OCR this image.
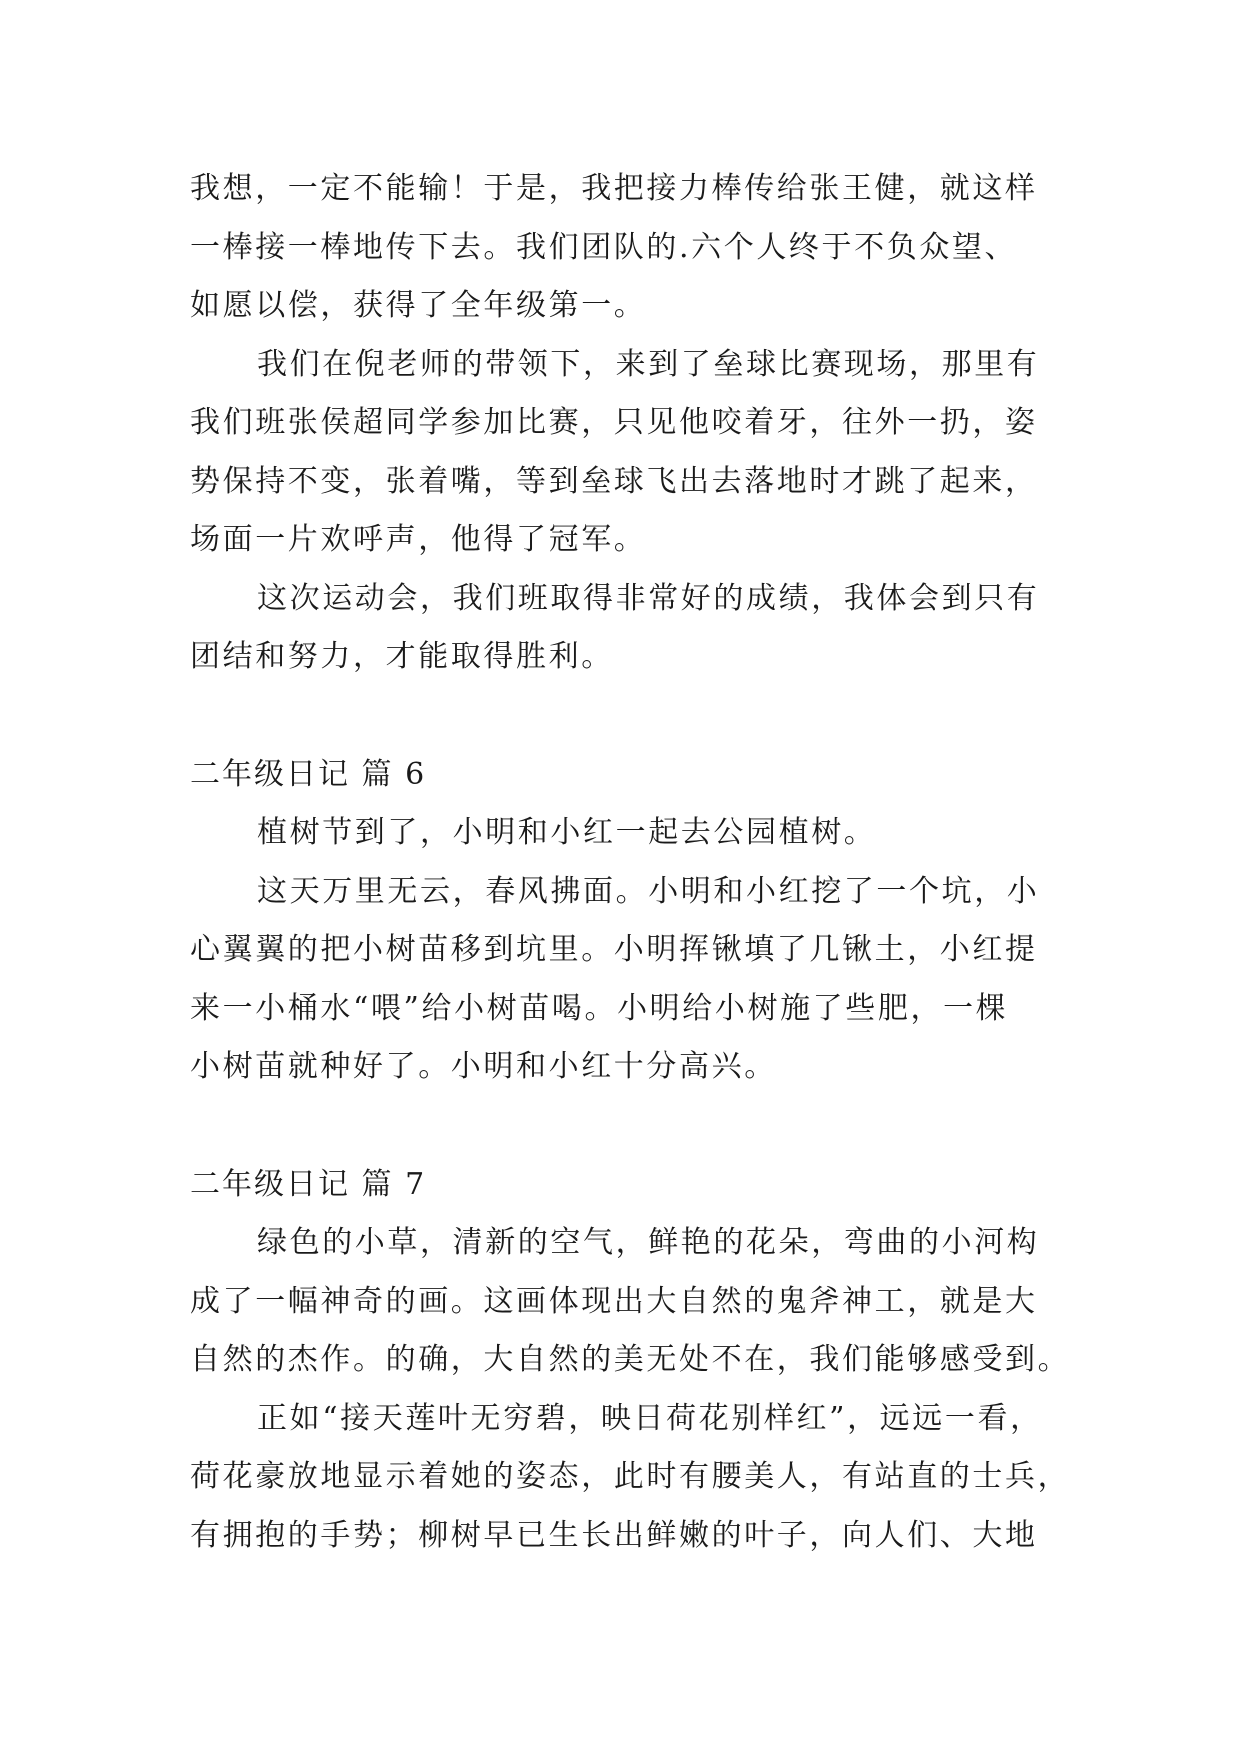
我想，一定不能输！于是，我把接力棒传给张王健，就这样
一棒接一棒地传下去。我们团队的.六个人终于不负众望、
如愿以偿，获得了全年级第一。
我们在倪老师的带领下，来到了垒球比赛现场，那里有
我们班张侯超同学参加比赛，只见他咬着牙，往外一扔，姿
势保持不变，张着嘴，等到垒球飞出去落地时才跳了起来，
场面一片欢呼声，他得了冠军。
这次运动会，我们班取得非常好的成绩，我体会到只有
团结和努力，才能取得胜利。
二年级日记 篇 6
植树节到了，小明和小红一起去公园植树。
这天万里无云，春风拂面。小明和小红挖了一个坑，小
心翼翼的把小树苗移到坑里。小明挥锹填了几锹土，小红提
来一小桶水“喂”给小树苗喝。小明给小树施了些肥，一棵
小树苗就种好了。小明和小红十分高兴。
二年级日记 篇 7
绿色的小草，清新的空气，鲜艳的花朵，弯曲的小河构
成了一幅神奇的画。这画体现出大自然的鬼斧神工，就是大
自然的杰作。的确，大自然的美无处不在，我们能够感受到。
正如“接天莲叶无穷碧，映日荷花别样红”，远远一看，
荷花豪放地显示着她的姿态，此时有腰美人，有站直的士兵，
有拥抱的手势；柳树早已生长出鲜嫩的叶子，向人们、大地
